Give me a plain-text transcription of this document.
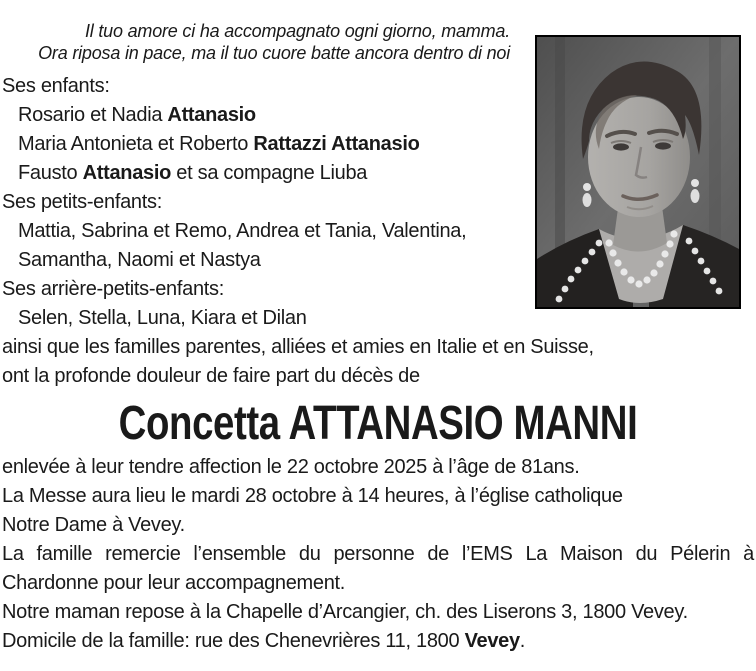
Il tuo amore ci ha accompagnato ogni giorno, mamma.
Ora riposa in pace, ma il tuo cuore batte ancora dentro di noi
Ses enfants:
Rosario et Nadia Attanasio
Maria Antonieta et Roberto Rattazzi Attanasio
Fausto Attanasio et sa compagne Liuba
Ses petits-enfants:
Mattia, Sabrina et Remo, Andrea et Tania, Valentina,
Samantha, Naomi et Nastya
Ses arrière-petits-enfants:
Selen, Stella, Luna, Kiara et Dilan
ainsi que les familles parentes, alliées et amies en Italie et en Suisse,
ont la profonde douleur de faire part du décès de
Concetta ATTANASIO MANNI
enlevée à leur tendre affection le 22 octobre 2025 à l’âge de 81ans.
La Messe aura lieu le mardi 28 octobre à 14 heures, à l’église catholique
Notre Dame à Vevey.
La famille remercie l’ensemble du personne de l’EMS La Maison du Pélerin à
Chardonne pour leur accompagnement.
Notre maman repose à la Chapelle d’Arcangier, ch. des Liserons 3, 1800 Vevey.
Domicile de la famille: rue des Chenevrières 11, 1800 Vevey.
